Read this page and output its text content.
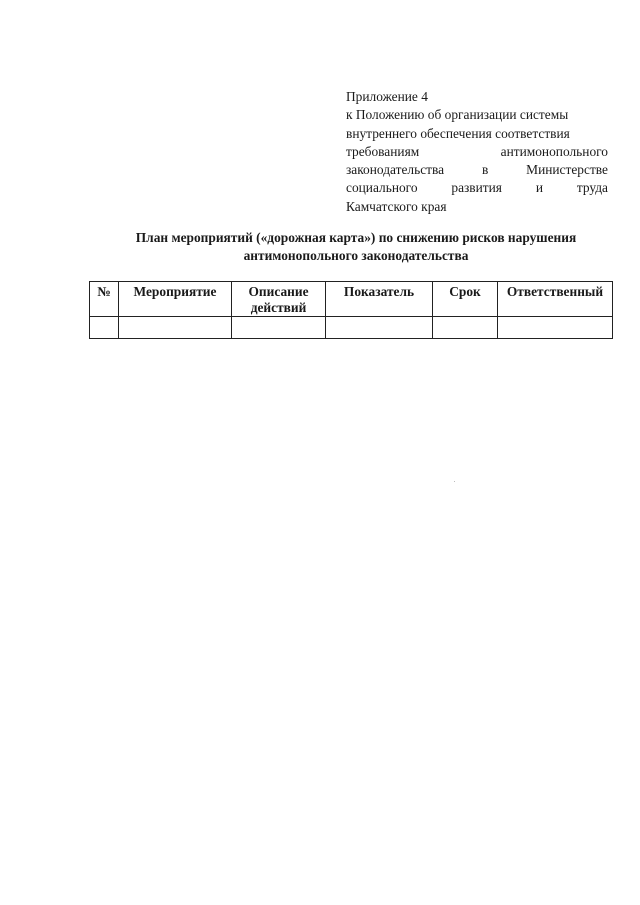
Приложение 4
к Положению об организации системы
внутреннего обеспечения соответствия
требованиям	антимонопольного
законодательства	в	Министерстве
социального	развития	и	труда
Камчатского края
План мероприятий («дорожная карта») по снижению рисков нарушения
антимонопольного законодательства
№	Мероприятие	Описание действий	Показатель	Срок	Ответственный
